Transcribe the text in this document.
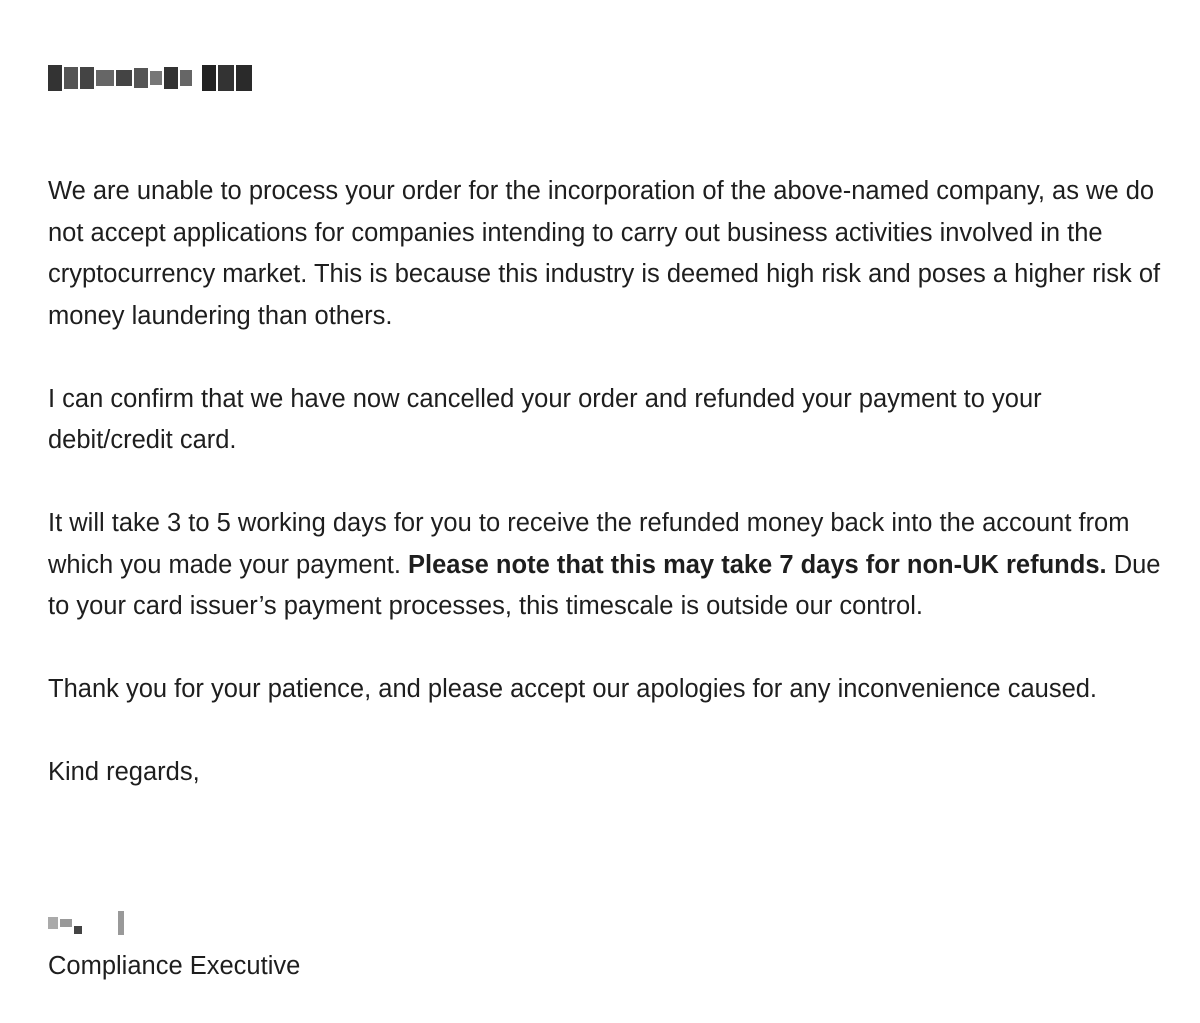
We are unable to process your order for the incorporation of the above-named company, as we do not accept applications for companies intending to carry out business activities involved in the cryptocurrency market. This is because this industry is deemed high risk and poses a higher risk of money laundering than others.

I can confirm that we have now cancelled your order and refunded your payment to your debit/credit card.

It will take 3 to 5 working days for you to receive the refunded money back into the account from which you made your payment. Please note that this may take 7 days for non-UK refunds. Due to your card issuer’s payment processes, this timescale is outside our control.

Thank you for your patience, and please accept our apologies for any inconvenience caused.

Kind regards,

Compliance Executive
